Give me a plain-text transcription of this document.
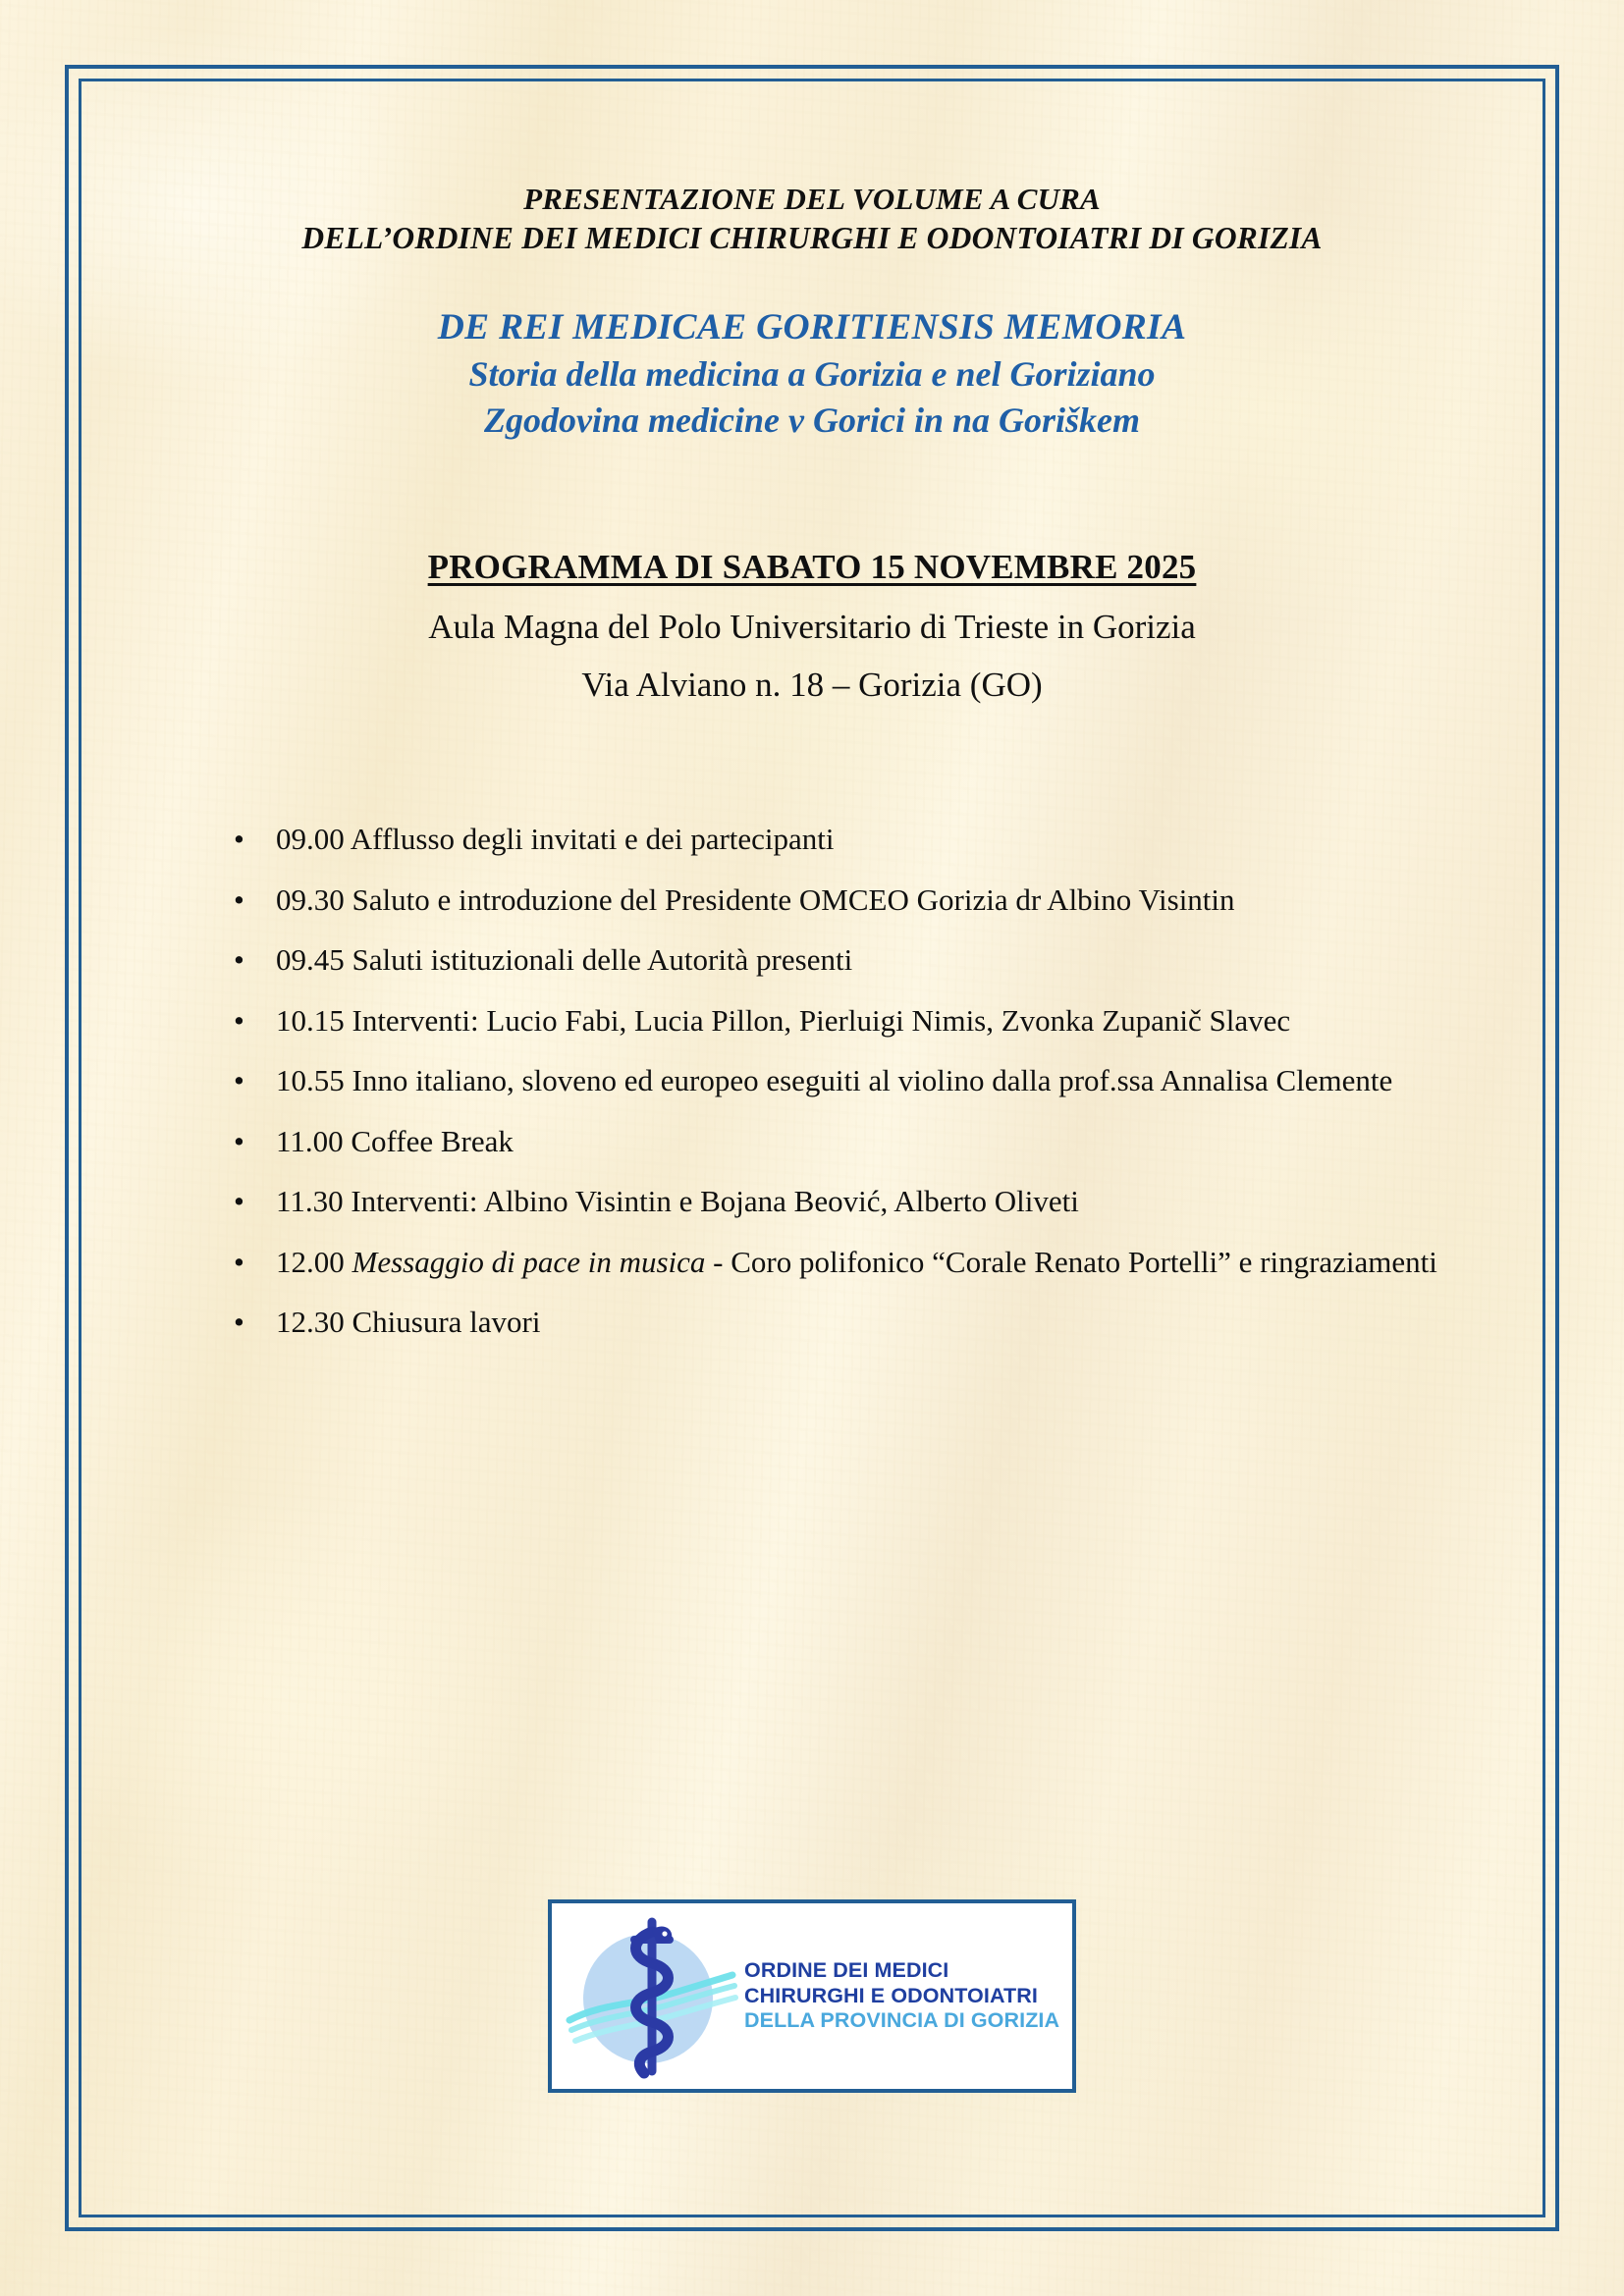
PRESENTAZIONE DEL VOLUME A CURA
DELL’ORDINE DEI MEDICI CHIRURGHI E ODONTOIATRI DI GORIZIA
DE REI MEDICAE GORITIENSIS MEMORIA
Storia della medicina a Gorizia e nel Goriziano
Zgodovina medicine v Gorici in na Goriškem
PROGRAMMA DI SABATO 15 NOVEMBRE 2025
Aula Magna del Polo Universitario di Trieste in Gorizia
Via Alviano n. 18 – Gorizia (GO)
•
09.00 Afflusso degli invitati e dei partecipanti
•
09.30 Saluto e introduzione del Presidente OMCEO Gorizia dr Albino Visintin
•
09.45 Saluti istituzionali delle Autorità presenti
•
10.15 Interventi: Lucio Fabi, Lucia Pillon, Pierluigi Nimis, Zvonka Zupanič Slavec
•
10.55 Inno italiano, sloveno ed europeo eseguiti al violino dalla prof.ssa Annalisa Clemente
•
11.00 Coffee Break
•
11.30 Interventi: Albino Visintin e Bojana Beović, Alberto Oliveti
•
12.00 Messaggio di pace in musica - Coro polifonico “Corale Renato Portelli” e ringraziamenti
•
12.30 Chiusura lavori
ORDINE DEI MEDICI
CHIRURGHI E ODONTOIATRI
DELLA PROVINCIA DI GORIZIA
